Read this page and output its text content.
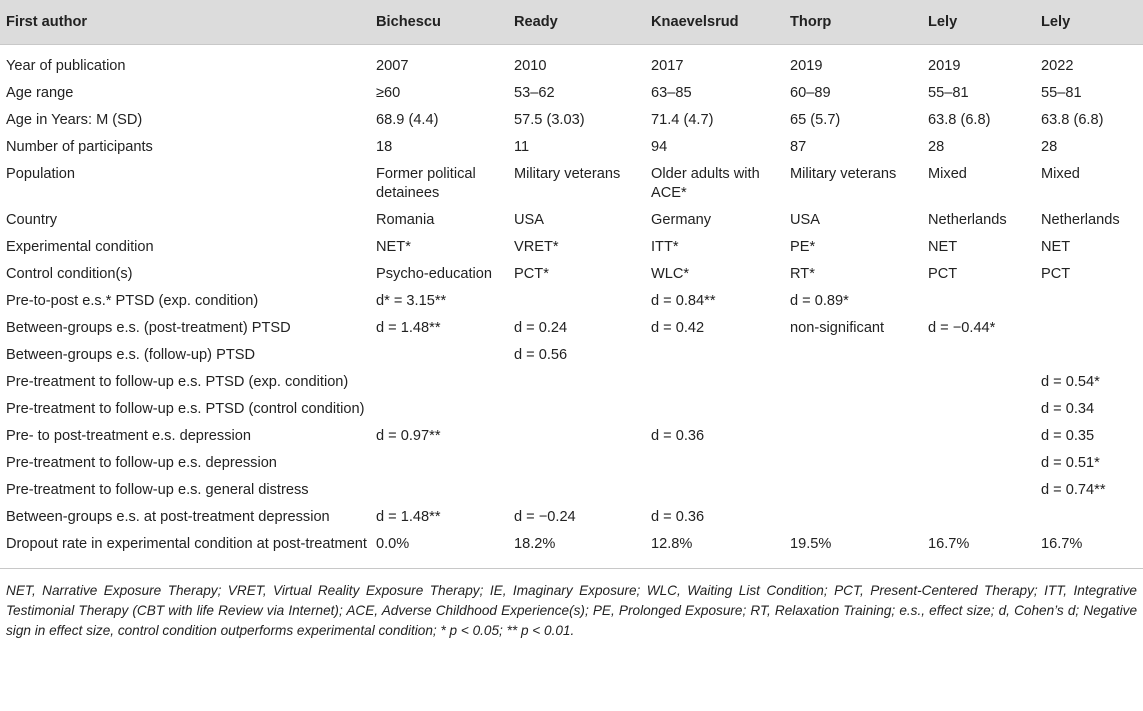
First author	Bichescu	Ready	Knaevelsrud	Thorp	Lely	Lely
Year of publication	2007	2010	2017	2019	2019	2022
Age range	≥60	53–62	63–85	60–89	55–81	55–81
Age in Years: M (SD)	68.9 (4.4)	57.5 (3.03)	71.4 (4.7)	65 (5.7)	63.8 (6.8)	63.8 (6.8)
Number of participants	18	11	94	87	28	28
Population	Former political detainees	Military veterans	Older adults with ACE*	Military veterans	Mixed	Mixed
Country	Romania	USA	Germany	USA	Netherlands	Netherlands
Experimental condition	NET*	VRET*	ITT*	PE*	NET	NET
Control condition(s)	Psycho-education	PCT*	WLC*	RT*	PCT	PCT
Pre-to-post e.s.* PTSD (exp. condition)	d* = 3.15**		d = 0.84**	d = 0.89*		
Between-groups e.s. (post-treatment) PTSD	d = 1.48**	d = 0.24	d = 0.42	non-significant	d = −0.44*	
Between-groups e.s. (follow-up) PTSD		d = 0.56				
Pre-treatment to follow-up e.s. PTSD (exp. condition)						d = 0.54*
Pre-treatment to follow-up e.s. PTSD (control condition)						d = 0.34
Pre- to post-treatment e.s. depression	d = 0.97**		d = 0.36			d = 0.35
Pre-treatment to follow-up e.s. depression						d = 0.51*
Pre-treatment to follow-up e.s. general distress						d = 0.74**
Between-groups e.s. at post-treatment depression	d = 1.48**	d = −0.24	d = 0.36			
Dropout rate in experimental condition at post-treatment	0.0%	18.2%	12.8%	19.5%	16.7%	16.7%
NET, Narrative Exposure Therapy; VRET, Virtual Reality Exposure Therapy; IE, Imaginary Exposure; WLC, Waiting List Condition; PCT, Present-Centered Therapy; ITT, Integrative Testimonial Therapy (CBT with life Review via Internet); ACE, Adverse Childhood Experience(s); PE, Prolonged Exposure; RT, Relaxation Training; e.s., effect size; d, Cohen’s d; Negative sign in effect size, control condition outperforms experimental condition; * p < 0.05; ** p < 0.01.
